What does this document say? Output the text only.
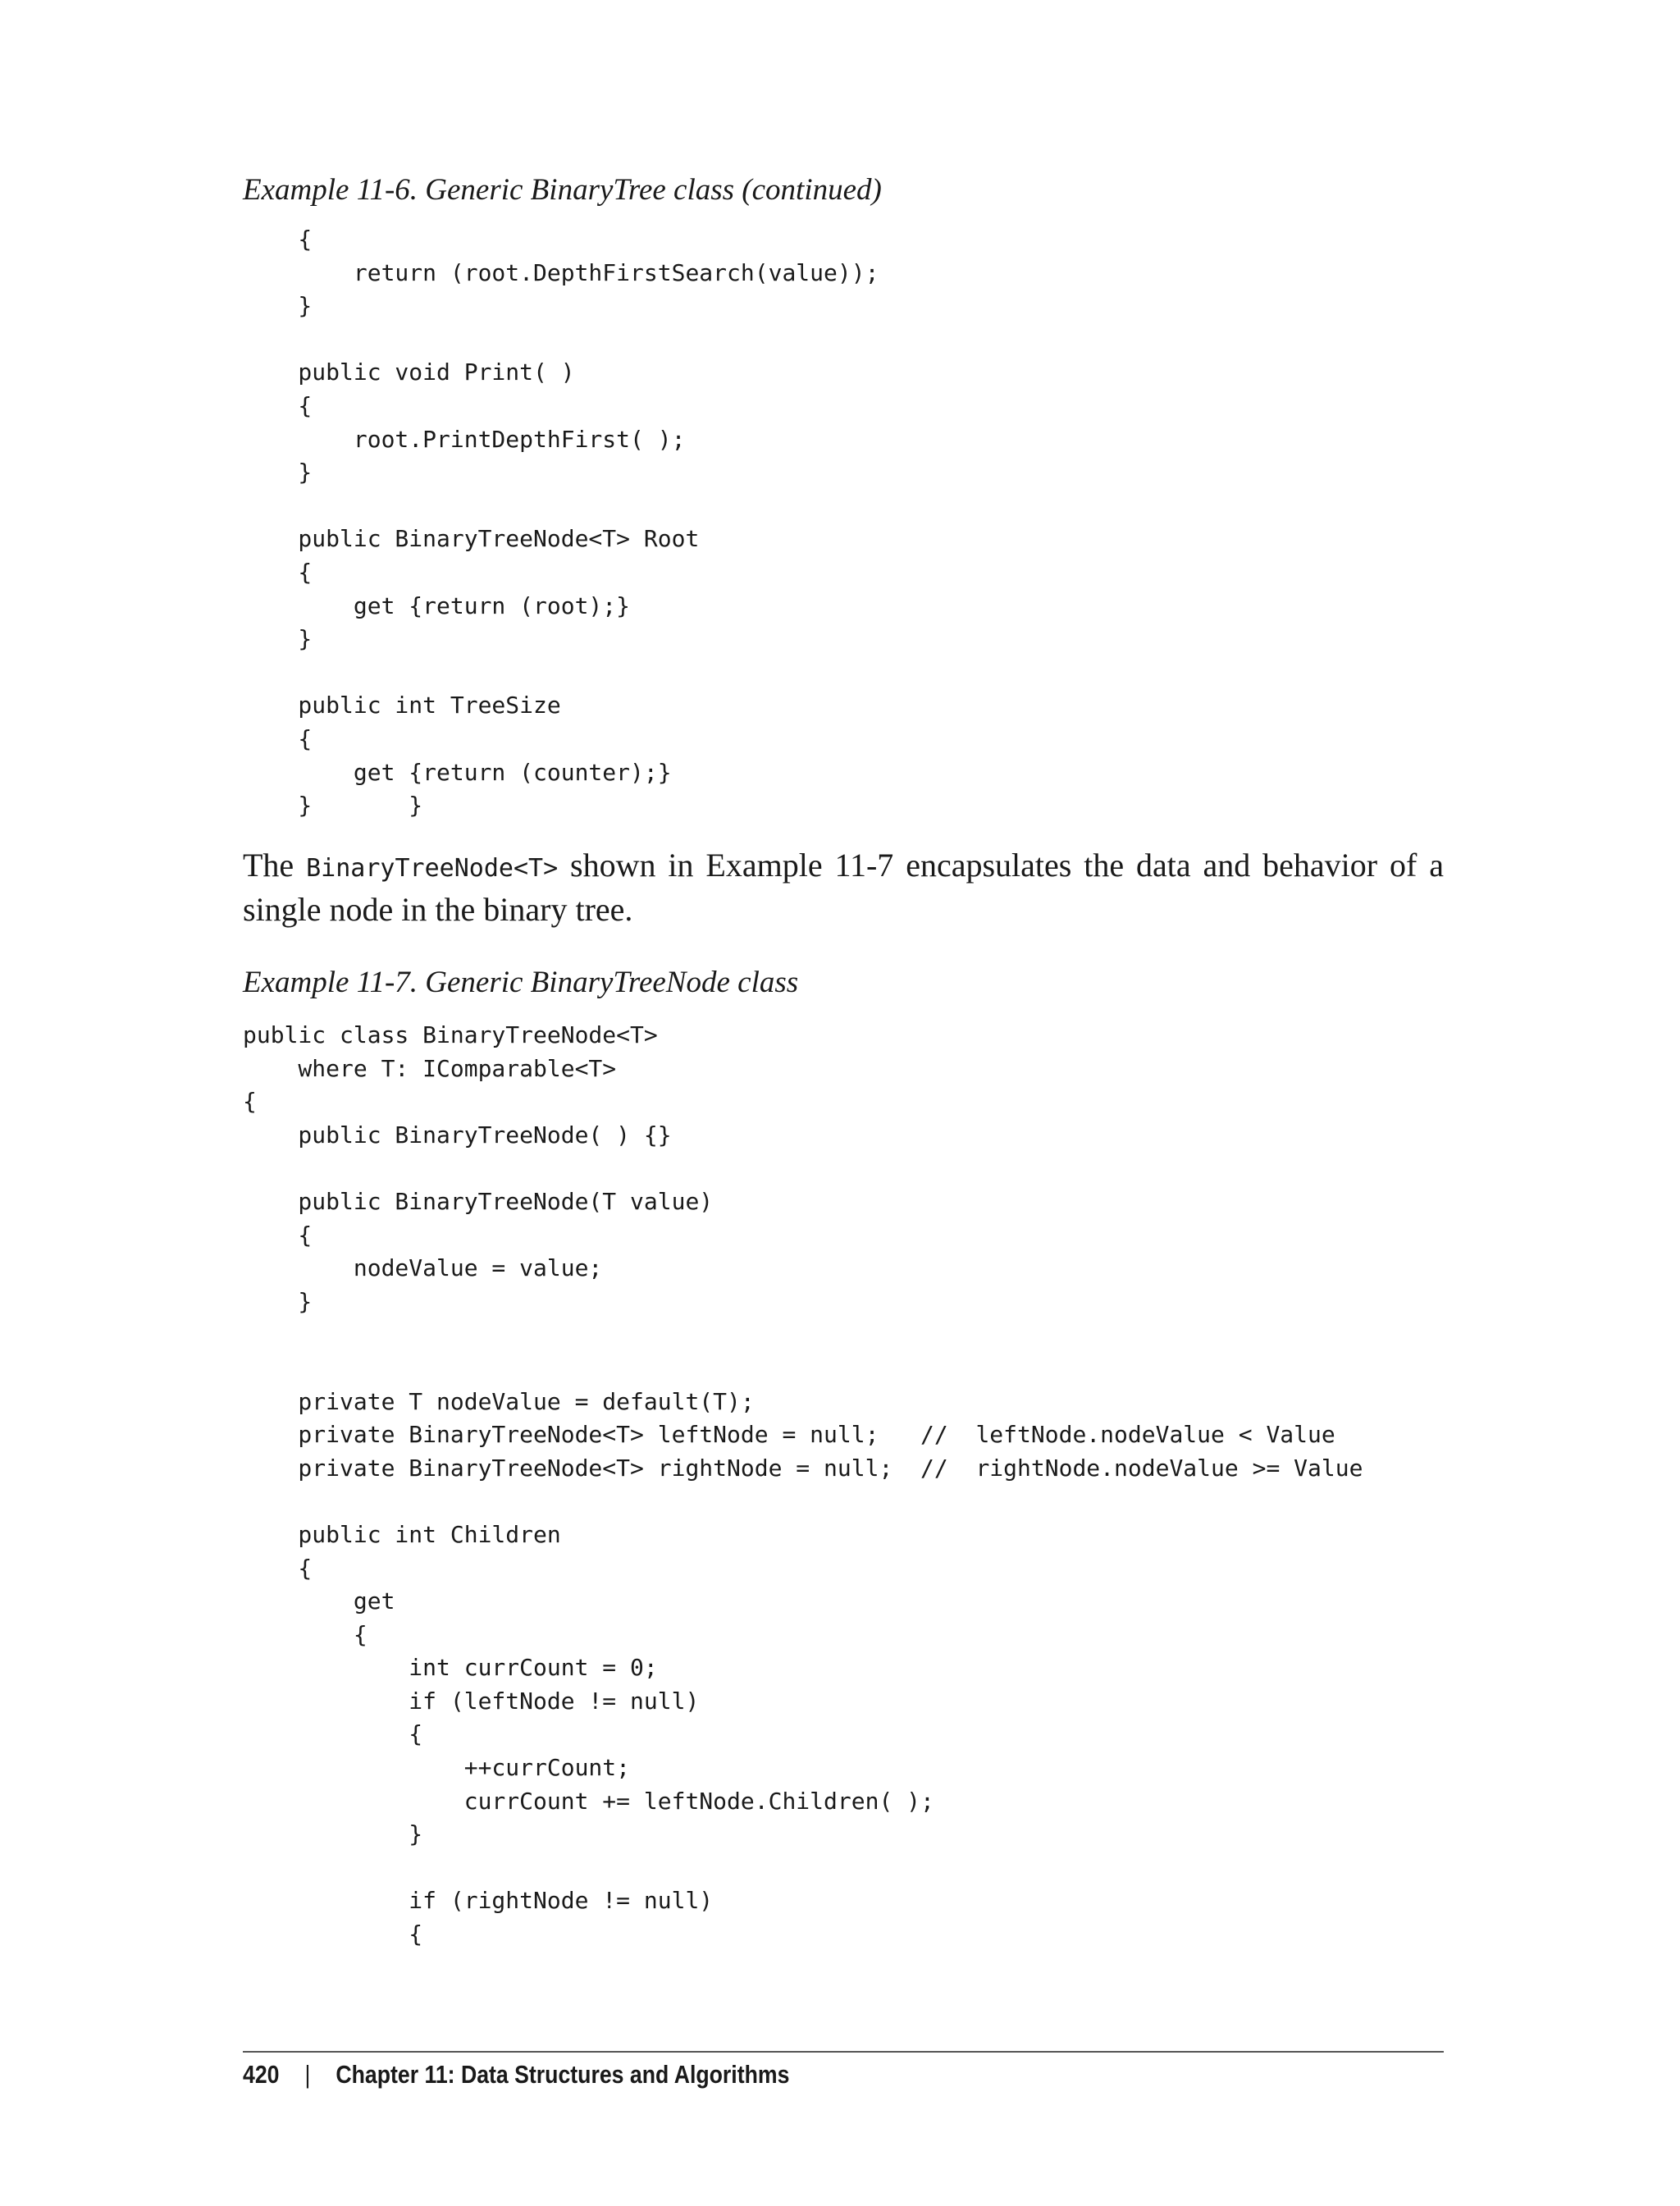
Example 11-6. Generic BinaryTree class (continued)

{
return (root.DepthFirstSearch(value));
}

public void Print( )
{
root.PrintDepthFirst( );
}

public BinaryTreeNode<T> Root
{
get {return (root);}
}

public int TreeSize
{
get {return (counter);}
}       }

The BinaryTreeNode<T> shown in Example 11-7 encapsulates the data and behavior of a single node in the binary tree.

Example 11-7. Generic BinaryTreeNode class

public class BinaryTreeNode<T>
where T: IComparable<T>
{
public BinaryTreeNode( ) {}

public BinaryTreeNode(T value)
{
nodeValue = value;
}

private T nodeValue = default(T);
private BinaryTreeNode<T> leftNode = null;   //  leftNode.nodeValue < Value
private BinaryTreeNode<T> rightNode = null;  //  rightNode.nodeValue >= Value

public int Children
{
get
{
int currCount = 0;
if (leftNode != null)
{
++currCount;
currCount += leftNode.Children( );
}

if (rightNode != null)
{
420 | Chapter 11: Data Structures and Algorithms
